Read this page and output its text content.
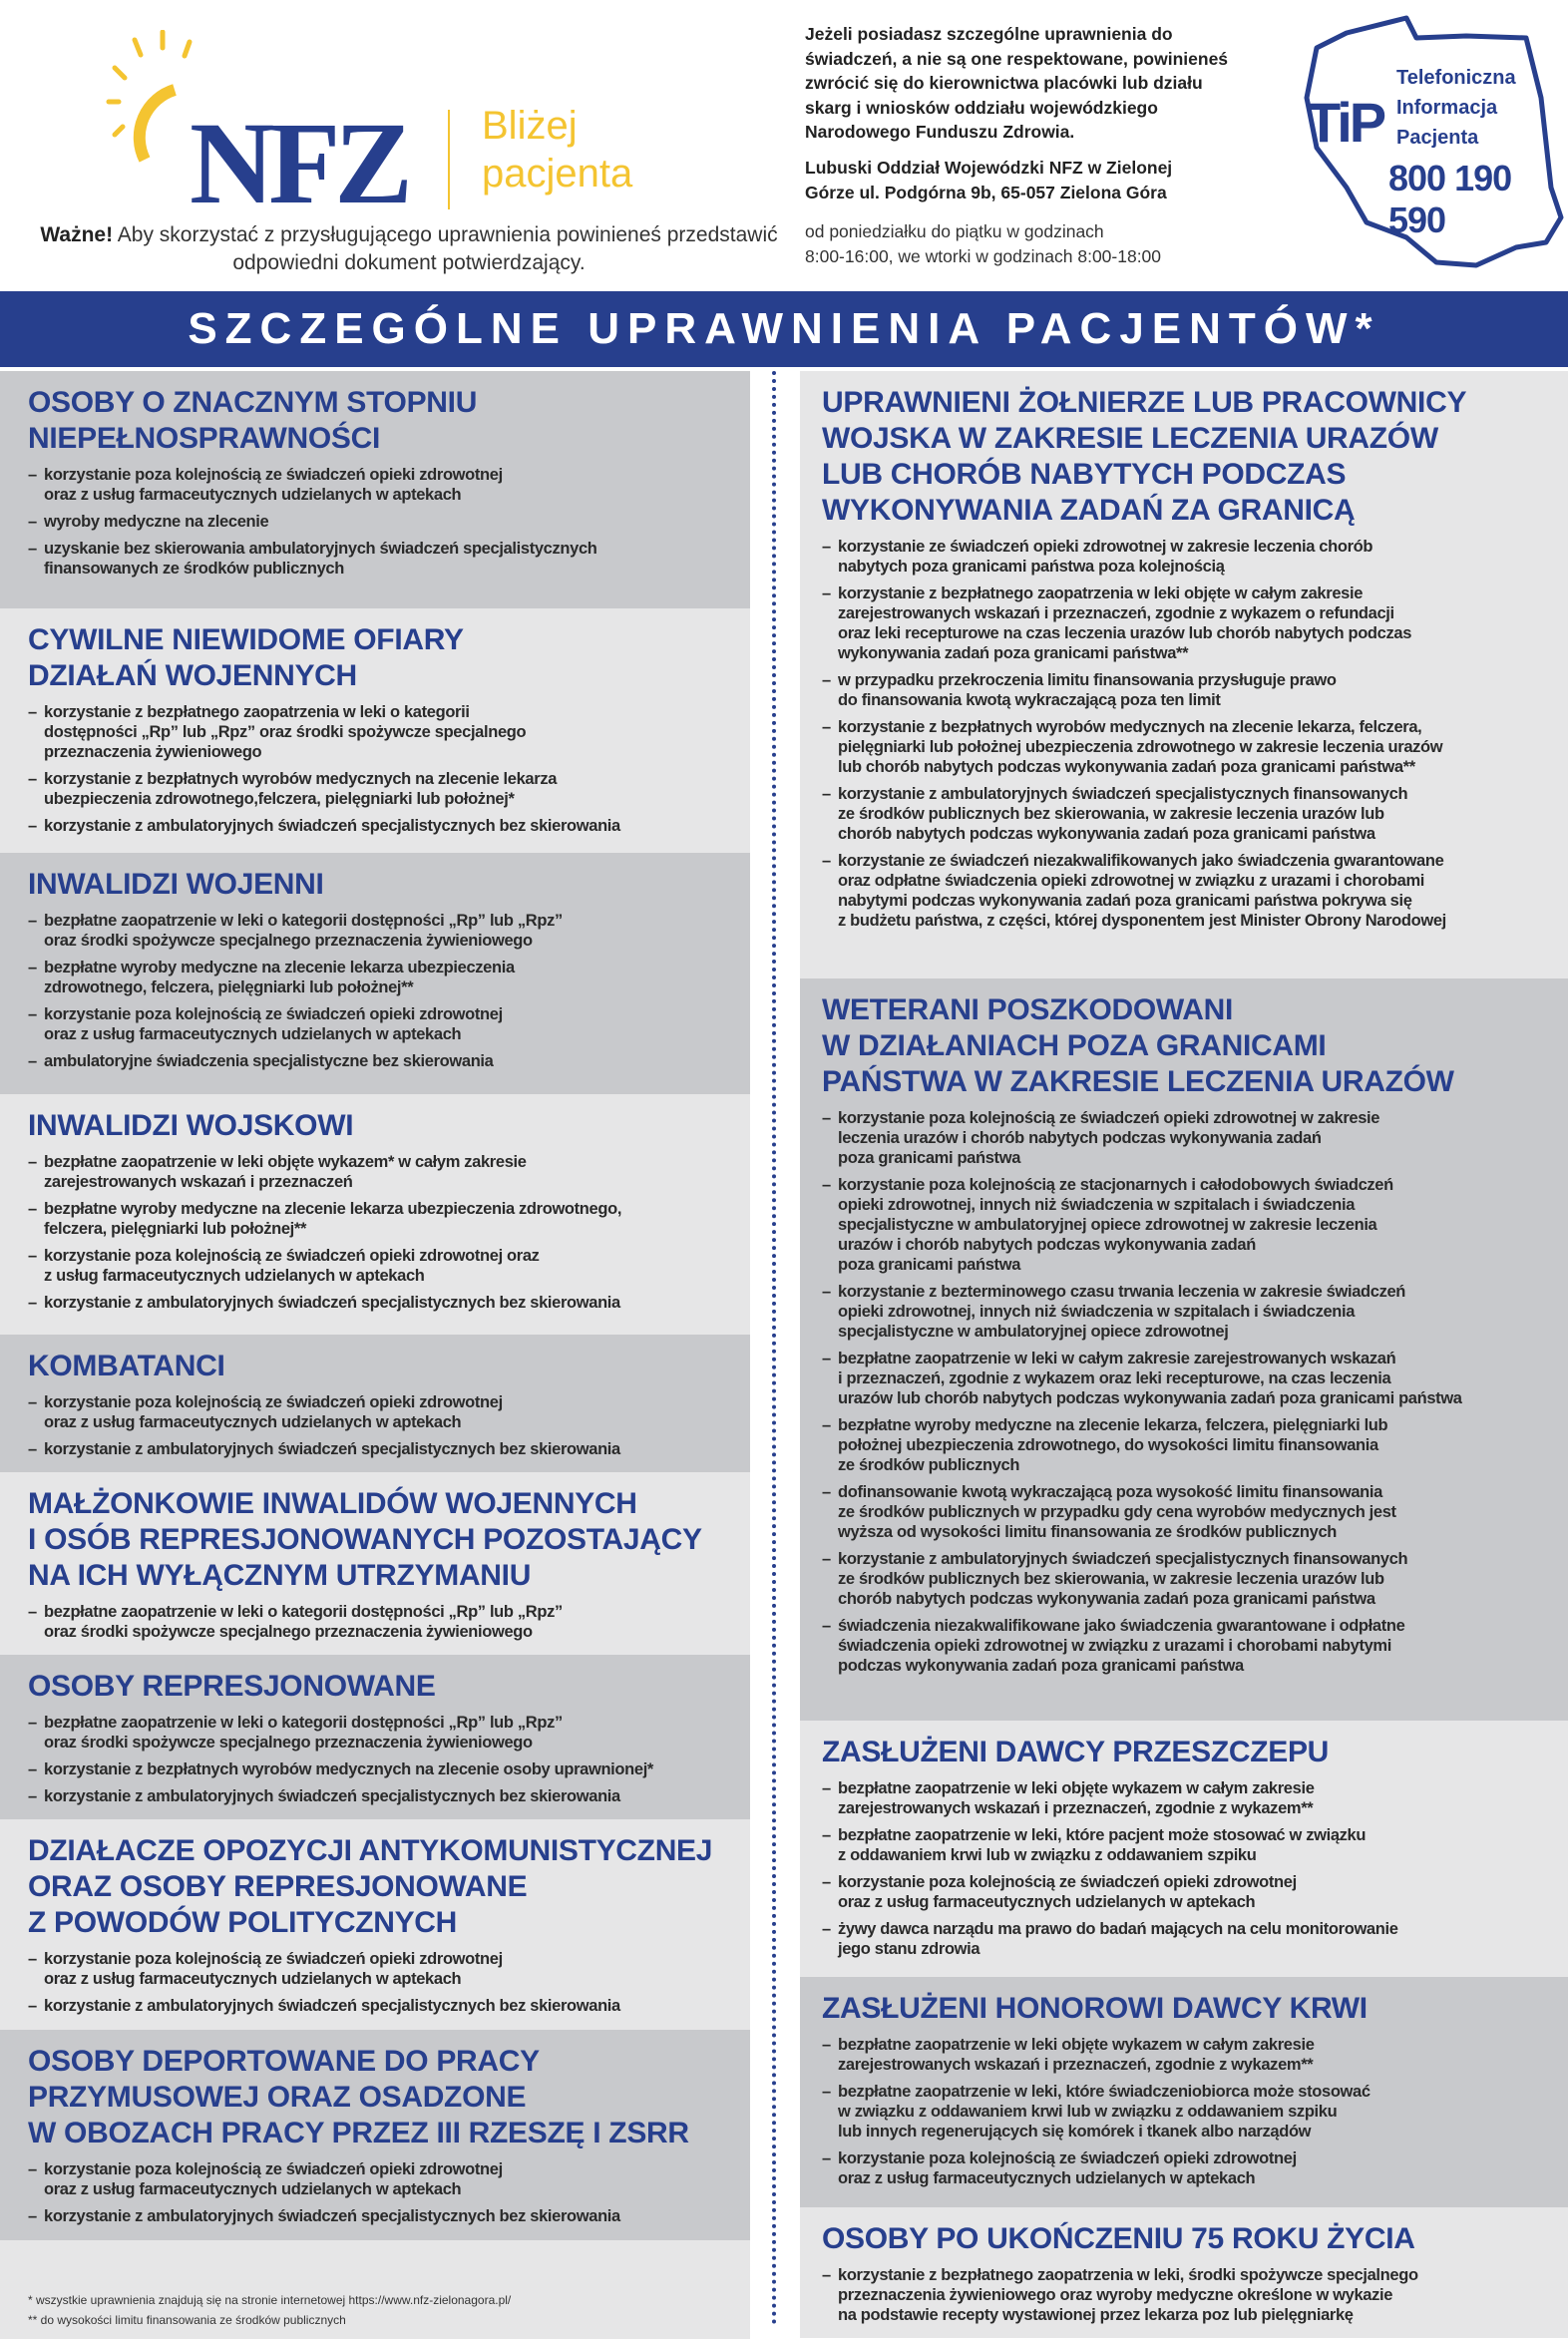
NFZ Bliżej
pacjenta
Ważne! Aby skorzystać z przysługującego uprawnienia powinieneś przedstawić odpowiedni dokument potwierdzający.
Jeżeli posiadasz szczególne uprawnienia do
świadczeń, a nie są one respektowane, powinieneś
zwrócić się do kierownictwa placówki lub działu
skarg i wniosków oddziału wojewódzkiego
Narodowego Funduszu Zdrowia.
Lubuski Oddział Wojewódzki NFZ w Zielonej
Górze ul. Podgórna 9b, 65-057 Zielona Góra
od poniedziałku do piątku w godzinach
8:00-16:00, we wtorki w godzinach 8:00-18:00
TiP
Telefoniczna
Informacja
Pacjenta
800 190 590
SZCZEGÓLNE UPRAWNIENIA PACJENTÓW*
OSOBY O ZNACZNYM STOPNIU
NIEPEŁNOSPRAWNOŚCI
– korzystanie poza kolejnością ze świadczeń opieki zdrowotnej
oraz z usług farmaceutycznych udzielanych w aptekach
– wyroby medyczne na zlecenie
– uzyskanie bez skierowania ambulatoryjnych świadczeń specjalistycznych
finansowanych ze środków publicznych
CYWILNE NIEWIDOME OFIARY
DZIAŁAŃ WOJENNYCH
– korzystanie z bezpłatnego zaopatrzenia w leki o kategorii
dostępności „Rp” lub „Rpz” oraz środki spożywcze specjalnego
przeznaczenia żywieniowego
– korzystanie z bezpłatnych wyrobów medycznych na zlecenie lekarza
ubezpieczenia zdrowotnego,felczera, pielęgniarki lub położnej*
– korzystanie z ambulatoryjnych świadczeń specjalistycznych bez skierowania
INWALIDZI WOJENNI
– bezpłatne zaopatrzenie w leki o kategorii dostępności „Rp” lub „Rpz”
oraz środki spożywcze specjalnego przeznaczenia żywieniowego
– bezpłatne wyroby medyczne na zlecenie lekarza ubezpieczenia
zdrowotnego, felczera, pielęgniarki lub położnej**
– korzystanie poza kolejnością ze świadczeń opieki zdrowotnej
oraz z usług farmaceutycznych udzielanych w aptekach
– ambulatoryjne świadczenia specjalistyczne bez skierowania
INWALIDZI WOJSKOWI
– bezpłatne zaopatrzenie w leki objęte wykazem* w całym zakresie
zarejestrowanych wskazań i przeznaczeń
– bezpłatne wyroby medyczne na zlecenie lekarza ubezpieczenia zdrowotnego,
felczera, pielęgniarki lub położnej**
– korzystanie poza kolejnością ze świadczeń opieki zdrowotnej oraz
z usług farmaceutycznych udzielanych w aptekach
– korzystanie z ambulatoryjnych świadczeń specjalistycznych bez skierowania
KOMBATANCI
– korzystanie poza kolejnością ze świadczeń opieki zdrowotnej
oraz z usług farmaceutycznych udzielanych w aptekach
– korzystanie z ambulatoryjnych świadczeń specjalistycznych bez skierowania
MAŁŻONKOWIE INWALIDÓW WOJENNYCH
I OSÓB REPRESJONOWANYCH POZOSTAJĄCY
NA ICH WYŁĄCZNYM UTRZYMANIU
– bezpłatne zaopatrzenie w leki o kategorii dostępności „Rp” lub „Rpz”
oraz środki spożywcze specjalnego przeznaczenia żywieniowego
OSOBY REPRESJONOWANE
– bezpłatne zaopatrzenie w leki o kategorii dostępności „Rp” lub „Rpz”
oraz środki spożywcze specjalnego przeznaczenia żywieniowego
– korzystanie z bezpłatnych wyrobów medycznych na zlecenie osoby uprawnionej*
– korzystanie z ambulatoryjnych świadczeń specjalistycznych bez skierowania
DZIAŁACZE OPOZYCJI ANTYKOMUNISTYCZNEJ
ORAZ OSOBY REPRESJONOWANE
Z POWODÓW POLITYCZNYCH
– korzystanie poza kolejnością ze świadczeń opieki zdrowotnej
oraz z usług farmaceutycznych udzielanych w aptekach
– korzystanie z ambulatoryjnych świadczeń specjalistycznych bez skierowania
OSOBY DEPORTOWANE DO PRACY
PRZYMUSOWEJ ORAZ OSADZONE
W OBOZACH PRACY PRZEZ III RZESZĘ I ZSRR
– korzystanie poza kolejnością ze świadczeń opieki zdrowotnej
oraz z usług farmaceutycznych udzielanych w aptekach
– korzystanie z ambulatoryjnych świadczeń specjalistycznych bez skierowania
* wszystkie uprawnienia znajdują się na stronie internetowej https://www.nfz-zielonagora.pl/
** do wysokości limitu finansowania ze środków publicznych
UPRAWNIENI ŻOŁNIERZE LUB PRACOWNICY
WOJSKA W ZAKRESIE LECZENIA URAZÓW
LUB CHORÓB NABYTYCH PODCZAS
WYKONYWANIA ZADAŃ ZA GRANICĄ
– korzystanie ze świadczeń opieki zdrowotnej w zakresie leczenia chorób
nabytych poza granicami państwa poza kolejnością
– korzystanie z bezpłatnego zaopatrzenia w leki objęte w całym zakresie
zarejestrowanych wskazań i przeznaczeń, zgodnie z wykazem o refundacji
oraz leki recepturowe na czas leczenia urazów lub chorób nabytych podczas
wykonywania zadań poza granicami państwa**
– w przypadku przekroczenia limitu finansowania przysługuje prawo
do finansowania kwotą wykraczającą poza ten limit
– korzystanie z bezpłatnych wyrobów medycznych na zlecenie lekarza, felczera,
pielęgniarki lub położnej ubezpieczenia zdrowotnego w zakresie leczenia urazów
lub chorób nabytych podczas wykonywania zadań poza granicami państwa**
– korzystanie z ambulatoryjnych świadczeń specjalistycznych finansowanych
ze środków publicznych bez skierowania, w zakresie leczenia urazów lub
chorób nabytych podczas wykonywania zadań poza granicami państwa
– korzystanie ze świadczeń niezakwalifikowanych jako świadczenia gwarantowane
oraz odpłatne świadczenia opieki zdrowotnej w związku z urazami i chorobami
nabytymi podczas wykonywania zadań poza granicami państwa pokrywa się
z budżetu państwa, z części, której dysponentem jest Minister Obrony Narodowej
WETERANI POSZKODOWANI
W DZIAŁANIACH POZA GRANICAMI
PAŃSTWA W ZAKRESIE LECZENIA URAZÓW
– korzystanie poza kolejnością ze świadczeń opieki zdrowotnej w zakresie
leczenia urazów i chorób nabytych podczas wykonywania zadań
poza granicami państwa
– korzystanie poza kolejnością ze stacjonarnych i całodobowych świadczeń
opieki zdrowotnej, innych niż świadczenia w szpitalach i świadczenia
specjalistyczne w ambulatoryjnej opiece zdrowotnej w zakresie leczenia
urazów i chorób nabytych podczas wykonywania zadań
poza granicami państwa
– korzystanie z bezterminowego czasu trwania leczenia w zakresie świadczeń
opieki zdrowotnej, innych niż świadczenia w szpitalach i świadczenia
specjalistyczne w ambulatoryjnej opiece zdrowotnej
– bezpłatne zaopatrzenie w leki w całym zakresie zarejestrowanych wskazań
i przeznaczeń, zgodnie z wykazem oraz leki recepturowe, na czas leczenia
urazów lub chorób nabytych podczas wykonywania zadań poza granicami państwa
– bezpłatne wyroby medyczne na zlecenie lekarza, felczera, pielęgniarki lub
położnej ubezpieczenia zdrowotnego, do wysokości limitu finansowania
ze środków publicznych
– dofinansowanie kwotą wykraczającą poza wysokość limitu finansowania
ze środków publicznych w przypadku gdy cena wyrobów medycznych jest
wyższa od wysokości limitu finansowania ze środków publicznych
– korzystanie z ambulatoryjnych świadczeń specjalistycznych finansowanych
ze środków publicznych bez skierowania, w zakresie leczenia urazów lub
chorób nabytych podczas wykonywania zadań poza granicami państwa
– świadczenia niezakwalifikowane jako świadczenia gwarantowane i odpłatne
świadczenia opieki zdrowotnej w związku z urazami i chorobami nabytymi
podczas wykonywania zadań poza granicami państwa
ZASŁUŻENI DAWCY PRZESZCZEPU
– bezpłatne zaopatrzenie w leki objęte wykazem w całym zakresie
zarejestrowanych wskazań i przeznaczeń, zgodnie z wykazem**
– bezpłatne zaopatrzenie w leki, które pacjent może stosować w związku
z oddawaniem krwi lub w związku z oddawaniem szpiku
– korzystanie poza kolejnością ze świadczeń opieki zdrowotnej
oraz z usług farmaceutycznych udzielanych w aptekach
– żywy dawca narządu ma prawo do badań mających na celu monitorowanie
jego stanu zdrowia
ZASŁUŻENI HONOROWI DAWCY KRWI
– bezpłatne zaopatrzenie w leki objęte wykazem w całym zakresie
zarejestrowanych wskazań i przeznaczeń, zgodnie z wykazem**
– bezpłatne zaopatrzenie w leki, które świadczeniobiorca może stosować
w związku z oddawaniem krwi lub w związku z oddawaniem szpiku
lub innych regenerujących się komórek i tkanek albo narządów
– korzystanie poza kolejnością ze świadczeń opieki zdrowotnej
oraz z usług farmaceutycznych udzielanych w aptekach
OSOBY PO UKOŃCZENIU 75 ROKU ŻYCIA
– korzystanie z bezpłatnego zaopatrzenia w leki, środki spożywcze specjalnego
przeznaczenia żywieniowego oraz wyroby medyczne określone w wykazie
na podstawie recepty wystawionej przez lekarza poz lub pielęgniarkę
